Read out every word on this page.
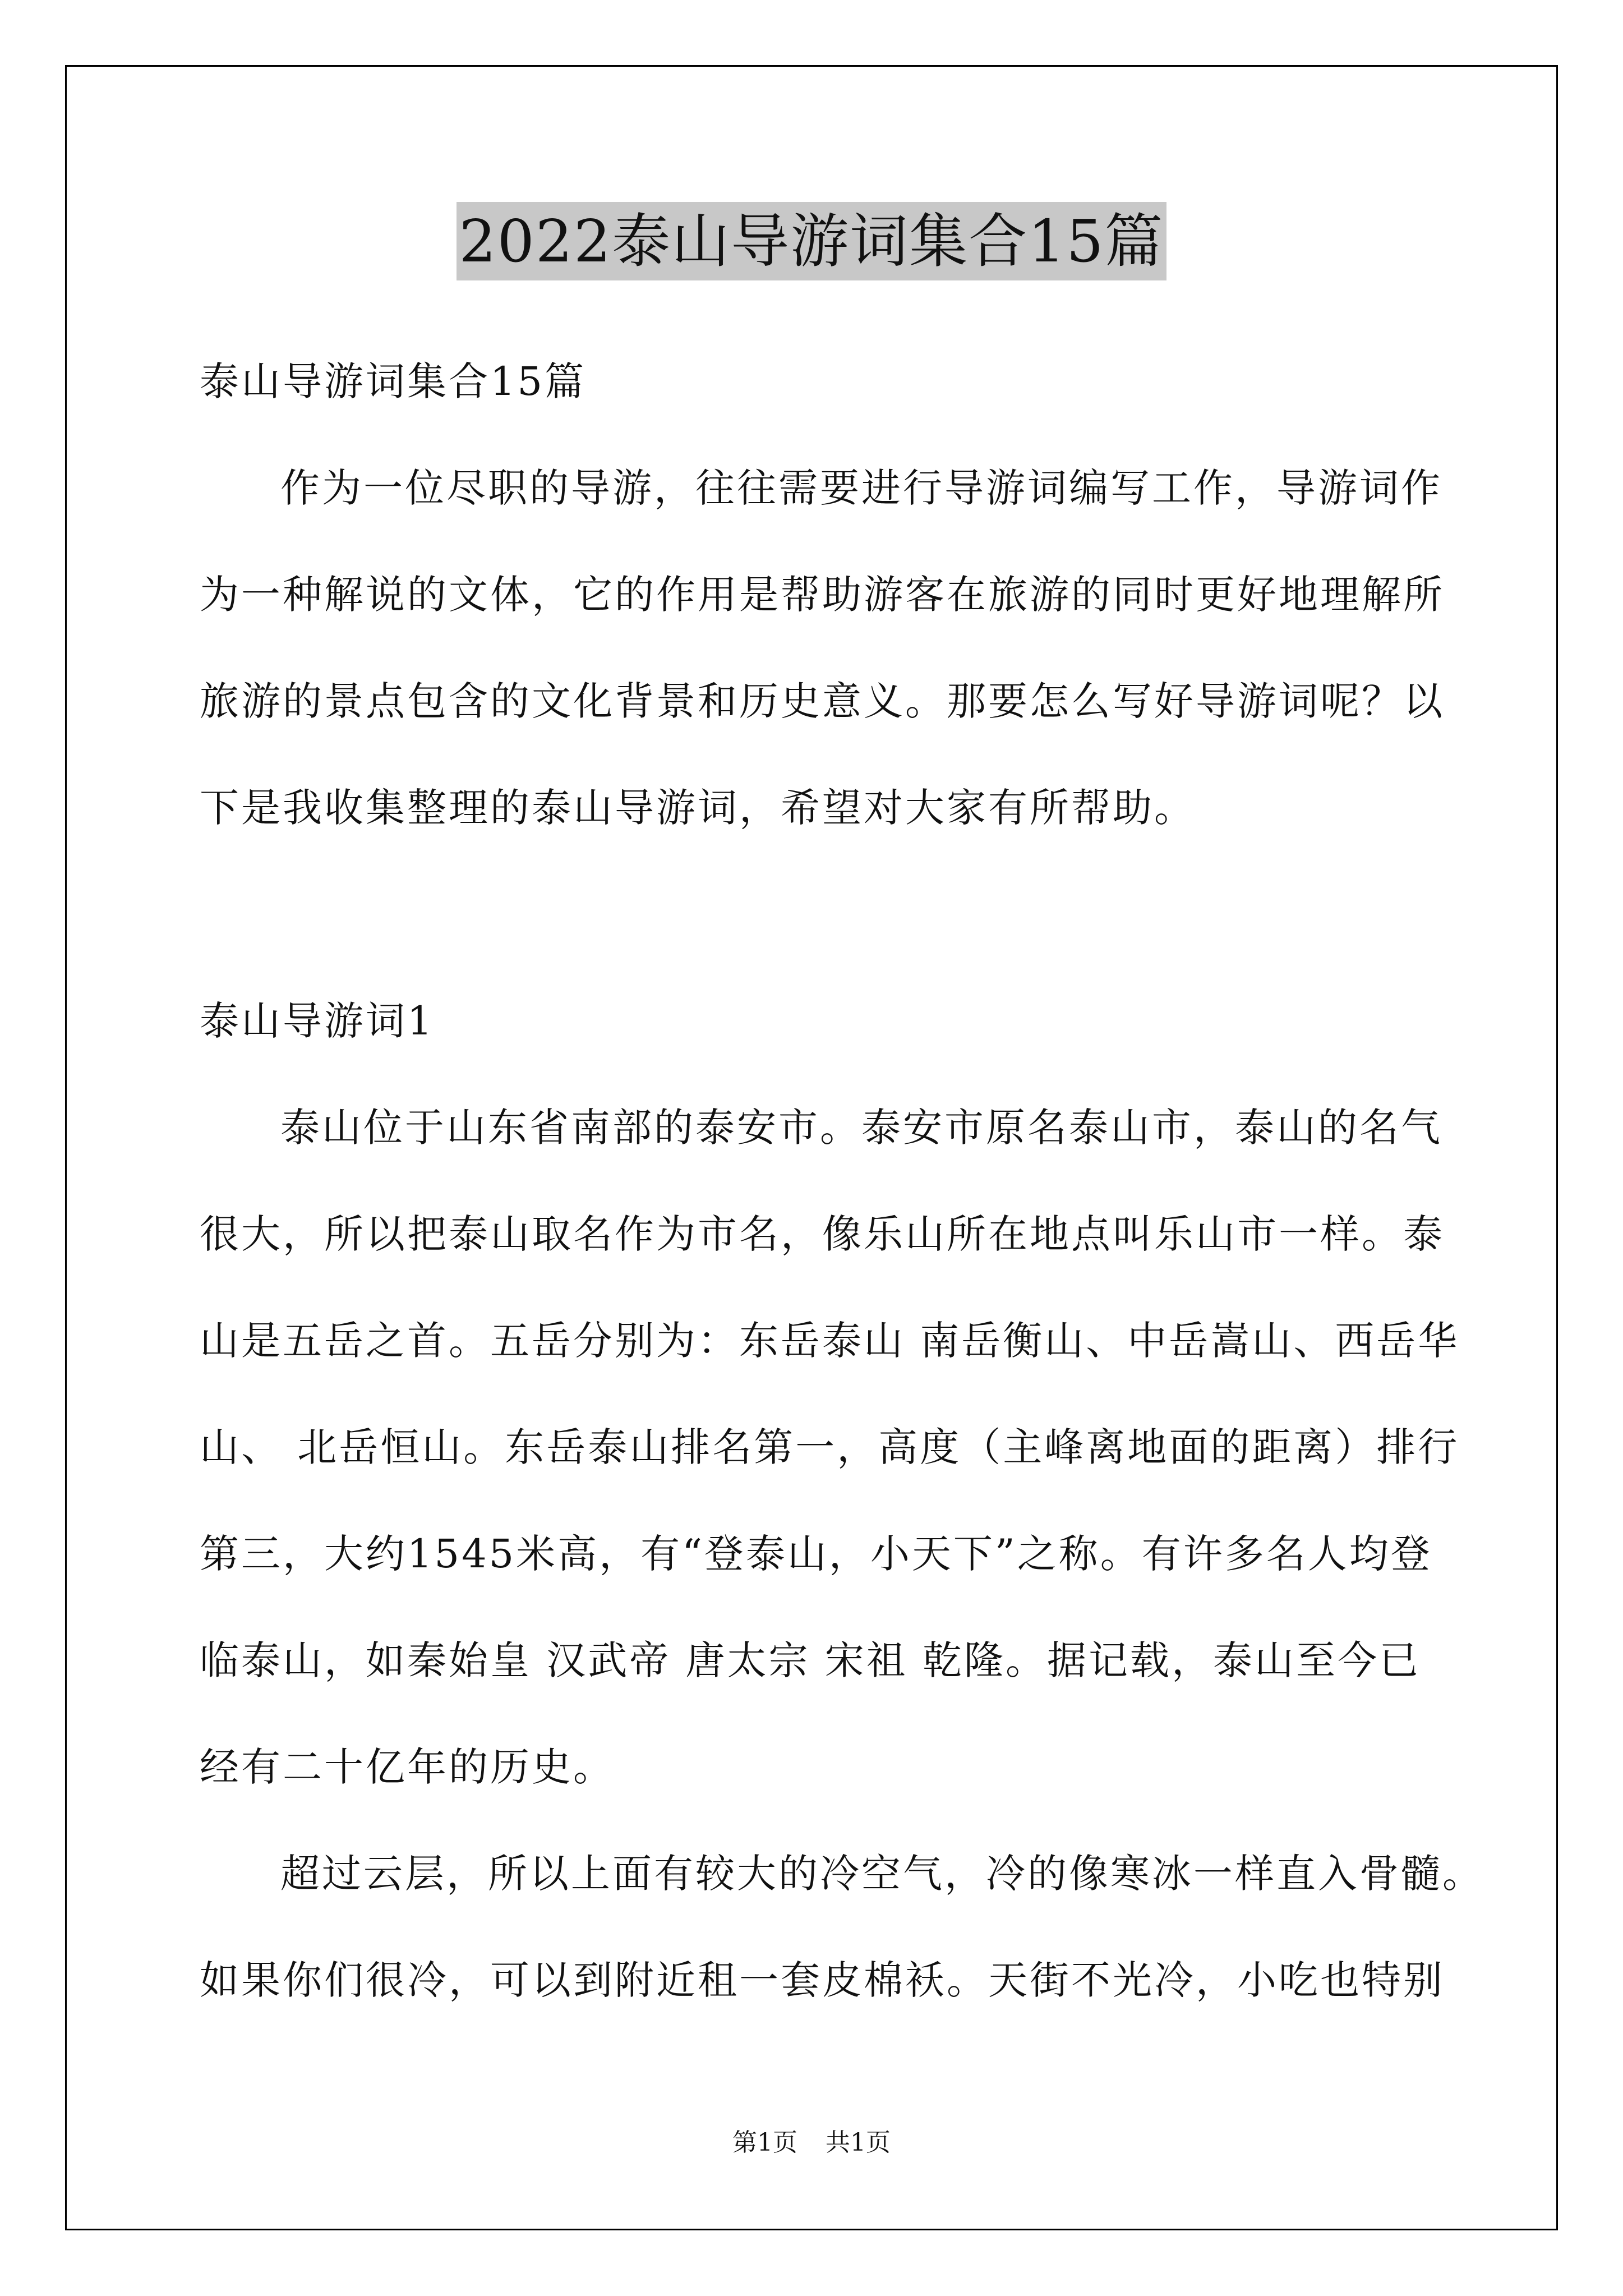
2022泰山导游词集合15篇
泰山导游词集合15篇
作为一位尽职的导游，往往需要进行导游词编写工作，导游词作
为一种解说的文体，它的作用是帮助游客在旅游的同时更好地理解所
旅游的景点包含的文化背景和历史意义。那要怎么写好导游词呢？以
下是我收集整理的泰山导游词，希望对大家有所帮助。
泰山导游词1
泰山位于山东省南部的泰安市。泰安市原名泰山市，泰山的名气
很大，所以把泰山取名作为市名，像乐山所在地点叫乐山市一样。泰
山是五岳之首。五岳分别为：东岳泰山 南岳衡山、中岳嵩山、西岳华
山、 北岳恒山。东岳泰山排名第一，高度（主峰离地面的距离）排行
第三，大约1545米高，有“登泰山，小天下”之称。有许多名人均登
临泰山，如秦始皇 汉武帝 唐太宗 宋祖 乾隆。据记载，泰山至今已
经有二十亿年的历史。
超过云层，所以上面有较大的冷空气，冷的像寒冰一样直入骨髓。
如果你们很冷，可以到附近租一套皮棉袄。天街不光冷，小吃也特别
第1页 共1页
